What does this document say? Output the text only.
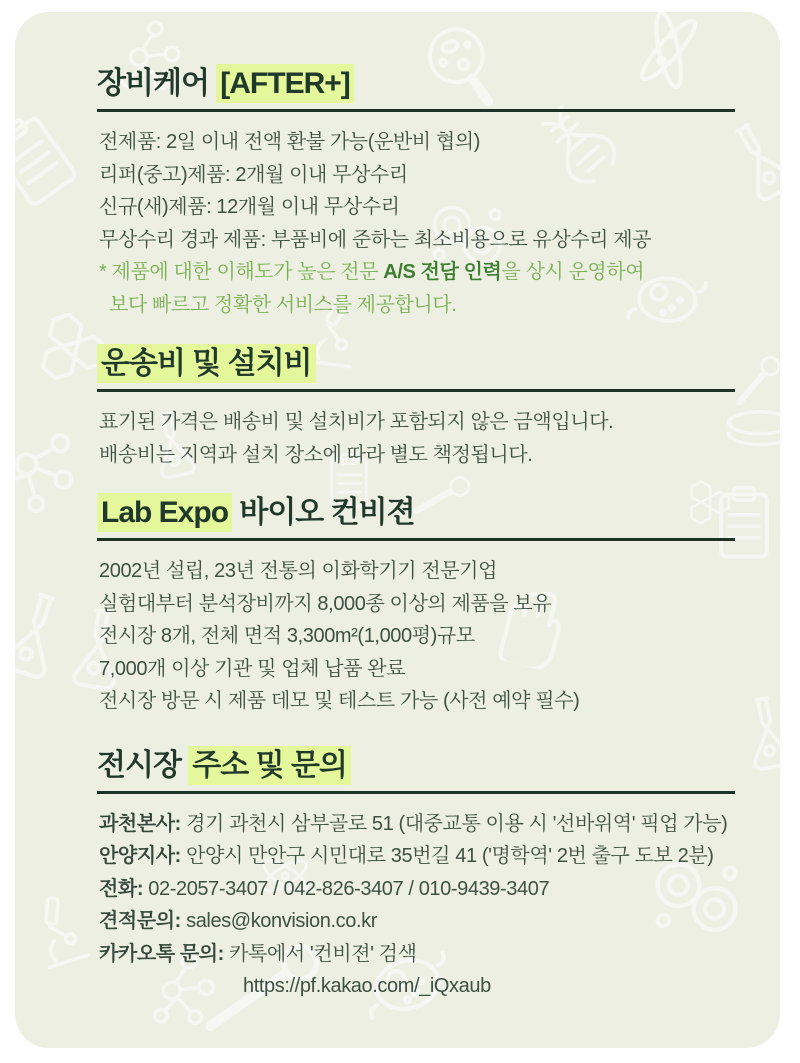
장비케어 [AFTER+]
전제품: 2일 이내 전액 환불 가능(운반비 협의)
리퍼(중고)제품: 2개월 이내 무상수리
신규(새)제품: 12개월 이내 무상수리
무상수리 경과 제품: 부품비에 준하는 최소비용으로 유상수리 제공
* 제품에 대한 이해도가 높은 전문 A/S 전담 인력을 상시 운영하여
보다 빠르고 정확한 서비스를 제공합니다.
운송비 및 설치비
표기된 가격은 배송비 및 설치비가 포함되지 않은 금액입니다.
배송비는 지역과 설치 장소에 따라 별도 책정됩니다.
Lab Expo 바이오 컨비젼
2002년 설립, 23년 전통의 이화학기기 전문기업
실험대부터 분석장비까지 8,000종 이상의 제품을 보유
전시장 8개, 전체 면적 3,300m²(1,000평)규모
7,000개 이상 기관 및 업체 납품 완료
전시장 방문 시 제품 데모 및 테스트 가능 (사전 예약 필수)
전시장 주소 및 문의
과천본사: 경기 과천시 삼부골로 51 (대중교통 이용 시 '선바위역' 픽업 가능)
안양지사: 안양시 만안구 시민대로 35번길 41 ('명학역' 2번 출구 도보 2분)
전화: 02-2057-3407 / 042-826-3407 / 010-9439-3407
견적문의: sales@konvision.co.kr
카카오톡 문의: 카톡에서 '컨비젼' 검색
https://pf.kakao.com/_iQxaub
